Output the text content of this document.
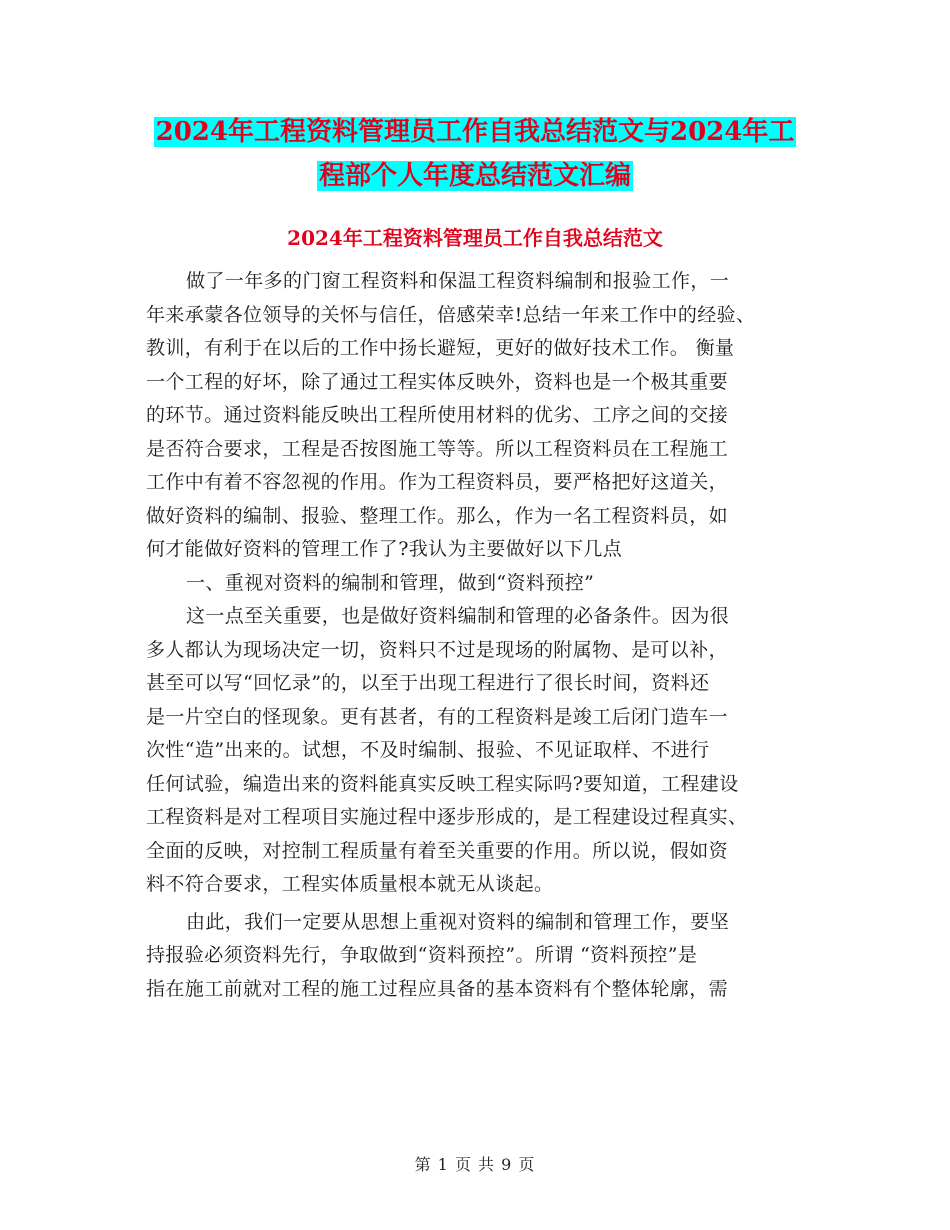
2024年工程资料管理员工作自我总结范文与2024年工
程部个人年度总结范文汇编
2024年工程资料管理员工作自我总结范文
做了一年多的门窗工程资料和保温工程资料编制和报验工作，一
年来承蒙各位领导的关怀与信任，倍感荣幸!总结一年来工作中的经验、
教训，有利于在以后的工作中扬长避短，更好的做好技术工作。 衡量
一个工程的好坏，除了通过工程实体反映外，资料也是一个极其重要
的环节。通过资料能反映出工程所使用材料的优劣、工序之间的交接
是否符合要求，工程是否按图施工等等。所以工程资料员在工程施工
工作中有着不容忽视的作用。作为工程资料员，要严格把好这道关，
做好资料的编制、报验、整理工作。那么，作为一名工程资料员，如
何才能做好资料的管理工作了?我认为主要做好以下几点
一、重视对资料的编制和管理，做到“资料预控”
这一点至关重要，也是做好资料编制和管理的必备条件。因为很
多人都认为现场决定一切，资料只不过是现场的附属物、是可以补，
甚至可以写“回忆录”的，以至于出现工程进行了很长时间，资料还
是一片空白的怪现象。更有甚者，有的工程资料是竣工后闭门造车一
次性“造”出来的。试想，不及时编制、报验、不见证取样、不进行
任何试验，编造出来的资料能真实反映工程实际吗?要知道，工程建设
工程资料是对工程项目实施过程中逐步形成的，是工程建设过程真实、
全面的反映，对控制工程质量有着至关重要的作用。所以说，假如资
料不符合要求，工程实体质量根本就无从谈起。
由此，我们一定要从思想上重视对资料的编制和管理工作，要坚
持报验必须资料先行，争取做到“资料预控”。所谓 “资料预控”是
指在施工前就对工程的施工过程应具备的基本资料有个整体轮廓，需
第 1 页 共 9 页
